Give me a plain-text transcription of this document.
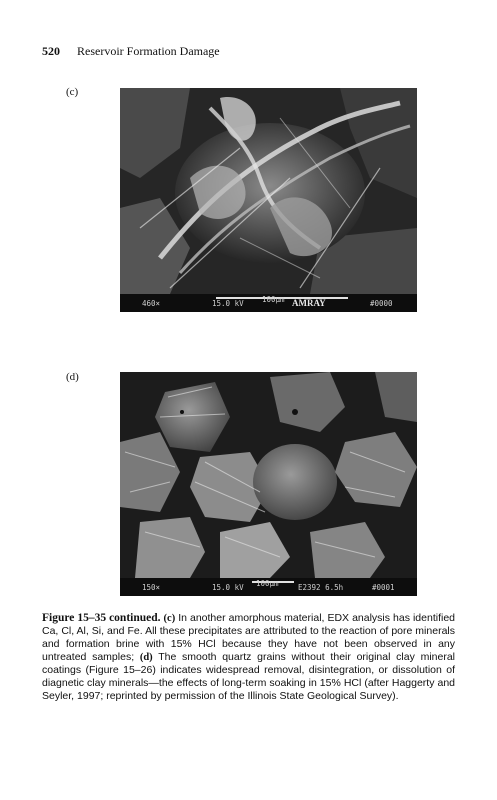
520 Reservoir Formation Damage
(c)
460×	15.0 kV 100µm AMRAY	#0000
(d)
150×	15.0 kV 100µm	E2392 6.5h	#0001
Figure 15–35 continued. (c) In another amorphous material, EDX analysis has identified Ca, Cl, Al, Si, and Fe. All these precipitates are attributed to the reaction of pore minerals and formation brine with 15% HCl because they have not been observed in any untreated samples; (d) The smooth quartz grains without their original clay mineral coatings (Figure 15–26) indicates widespread removal, disintegration, or dissolution of diagnetic clay minerals—the effects of long-term soaking in 15% HCl (after Haggerty and Seyler, 1997; reprinted by permission of the Illinois State Geological Survey).
